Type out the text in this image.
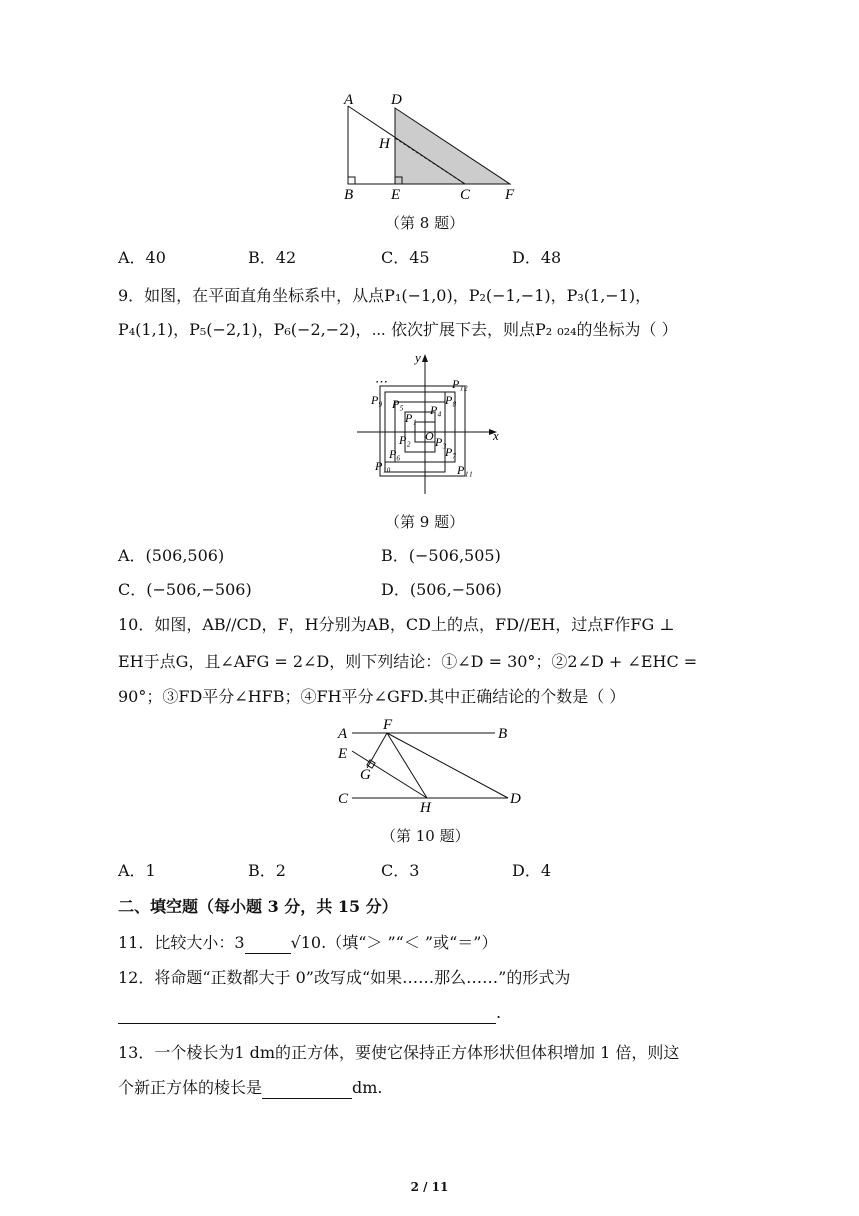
A	D
H
B	E	C F
（第 8 题）
A．40	B．42	C．45	D．48
9．如图，在平面直角坐标系中，从点P₁(−1,0)，P₂(−1,−1)，P₃(1,−1)，
P₄(1,1)，P₅(−2,1)，P₆(−2,−2)，⋯ 依次扩展下去，则点P₂ ₀₂₄的坐标为（ ）
y
x
⋯
O
P₁₂
P₉ P₅	P₈
P₄
P₁
P₂ P₃
P₆	P₇
P₁₀	P₁₁
（第 9 题）
A．(506,506)	B．(−506,505)
C．(−506,−506)	D．(506,−506)
10．如图，AB//CD，F，H分别为AB，CD上的点，FD//EH，过点F作FG ⊥
EH于点G，且∠AFG = 2∠D，则下列结论：①∠D = 30°；②2∠D + ∠EHC =
90°；③FD平分∠HFB；④FH平分∠GFD.其中正确结论的个数是（ ）
A
F
B
E
G
C
H
D
（第 10 题）
A．1	B．2	C．3	D．4
二、填空题（每小题 3 分，共 15 分）
11．比较大小：3	√10.（填“＞ ”“＜ ”或“＝”）
12．将命题“正数都大于 0”改写成“如果……那么……”的形式为
.
13．一个棱长为1 dm的正方体，要使它保持正方体形状但体积增加 1 倍，则这
个新正方体的棱长是	dm.
2 / 11
